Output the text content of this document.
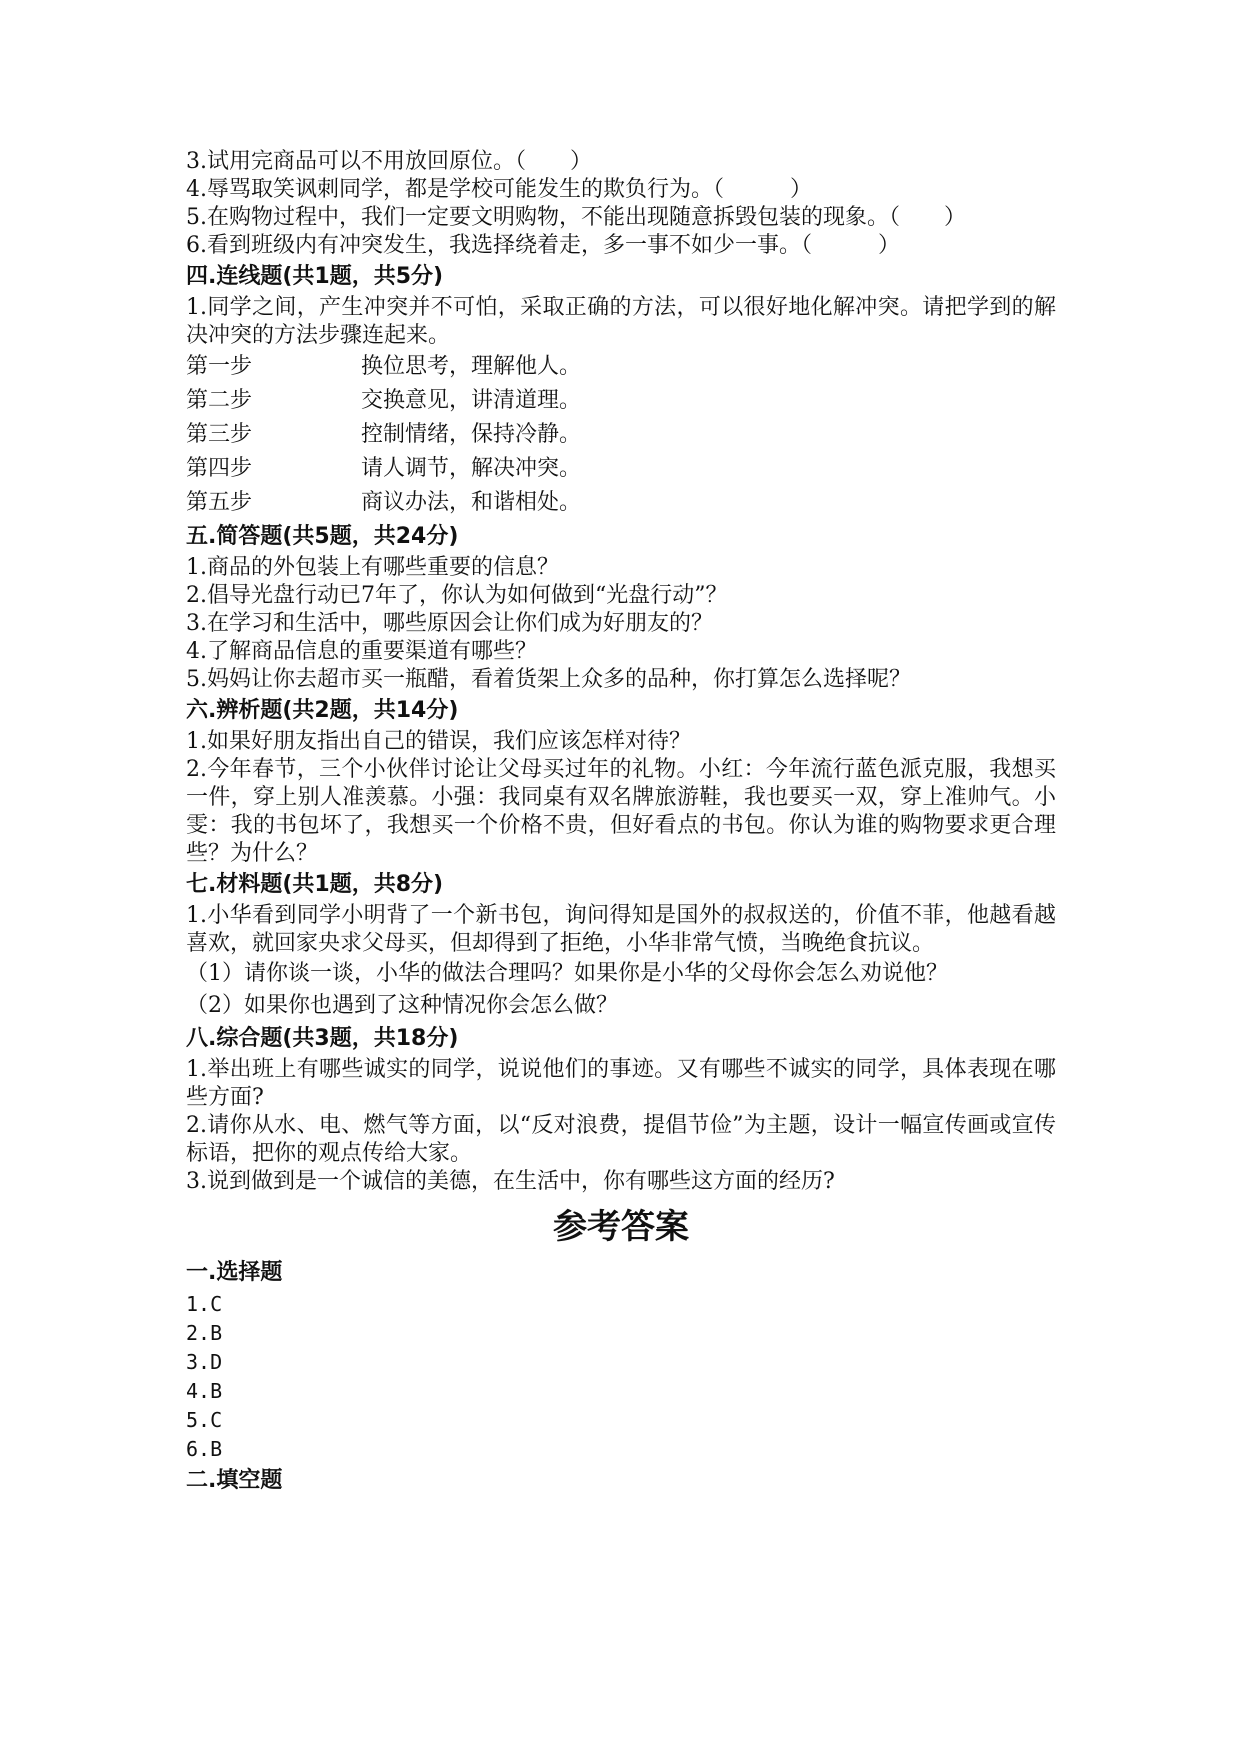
3.试用完商品可以不用放回原位。（　　）

4.辱骂取笑讽刺同学，都是学校可能发生的欺负行为。（　　　）

5.在购物过程中，我们一定要文明购物，不能出现随意拆毁包装的现象。（　　）

6.看到班级内有冲突发生，我选择绕着走，多一事不如少一事。（　　　）

四.连线题(共1题，共5分)

1.同学之间，产生冲突并不可怕，采取正确的方法，可以很好地化解冲突。请把学到的解决冲突的方法步骤连起来。

第一步	换位思考，理解他人。
第二步	交换意见，讲清道理。
第三步	控制情绪，保持冷静。
第四步	请人调节，解决冲突。
第五步	商议办法，和谐相处。

五.简答题(共5题，共24分)

1.商品的外包装上有哪些重要的信息？

2.倡导光盘行动已7年了，你认为如何做到“光盘行动”？

3.在学习和生活中，哪些原因会让你们成为好朋友的？

4.了解商品信息的重要渠道有哪些？

5.妈妈让你去超市买一瓶醋，看着货架上众多的品种，你打算怎么选择呢？

六.辨析题(共2题，共14分)

1.如果好朋友指出自己的错误，我们应该怎样对待？

2.今年春节，三个小伙伴讨论让父母买过年的礼物。小红：今年流行蓝色派克服，我想买一件，穿上别人准羡慕。小强：我同桌有双名牌旅游鞋，我也要买一双，穿上准帅气。小雯：我的书包坏了，我想买一个价格不贵，但好看点的书包。你认为谁的购物要求更合理些？为什么？

七.材料题(共1题，共8分)

1.小华看到同学小明背了一个新书包，询问得知是国外的叔叔送的，价值不菲，他越看越喜欢，就回家央求父母买，但却得到了拒绝，小华非常气愤，当晚绝食抗议。

（1）请你谈一谈，小华的做法合理吗？如果你是小华的父母你会怎么劝说他？

（2）如果你也遇到了这种情况你会怎么做？

八.综合题(共3题，共18分)

1.举出班上有哪些诚实的同学，说说他们的事迹。又有哪些不诚实的同学，具体表现在哪些方面?

2.请你从水、电、燃气等方面，以“反对浪费，提倡节俭”为主题，设计一幅宣传画或宣传标语，把你的观点传给大家。

3.说到做到是一个诚信的美德，在生活中，你有哪些这方面的经历?

参考答案

一.选择题

1.C

2.B

3.D

4.B

5.C

6.B

二.填空题
